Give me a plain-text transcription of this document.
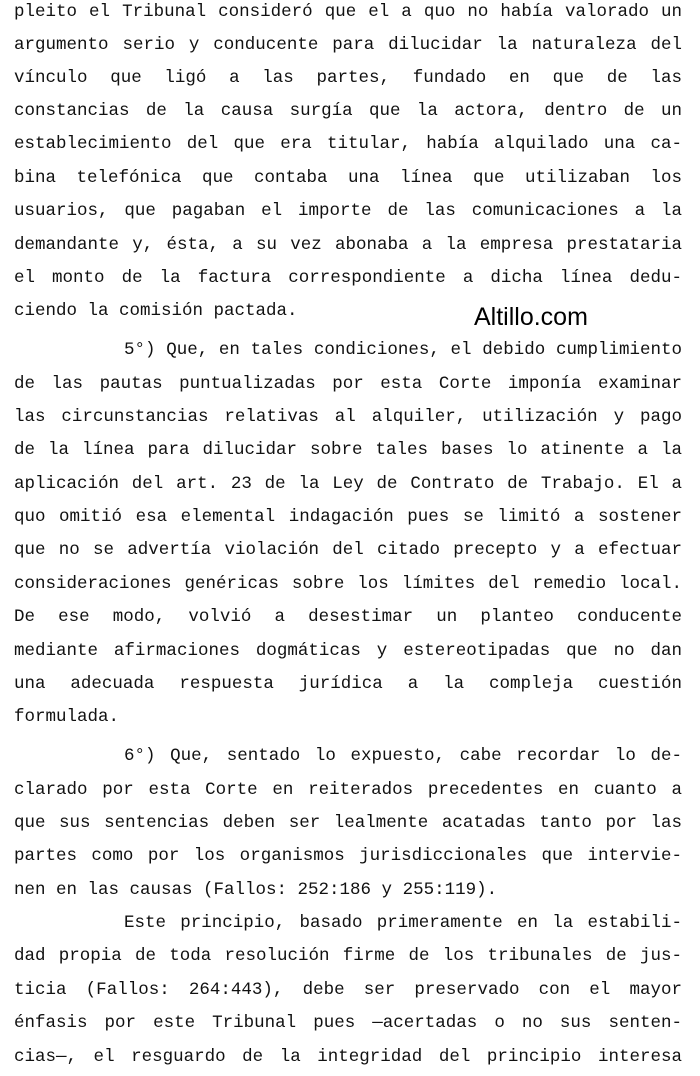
pleito el Tribunal consideró que el a quo no había valorado un
argumento serio y conducente para dilucidar la naturaleza del
vínculo que ligó a las partes, fundado en que de las
constancias de la causa surgía que la actora, dentro de un
establecimiento del que era titular, había alquilado una ca-
bina telefónica que contaba una línea que utilizaban los
usuarios, que pagaban el importe de las comunicaciones a la
demandante y, ésta, a su vez abonaba a la empresa prestataria
el monto de la factura correspondiente a dicha línea dedu-
ciendo la comisión pactada.	Altillo.com
5°) Que, en tales condiciones, el debido cumplimiento
de las pautas puntualizadas por esta Corte imponía examinar
las circunstancias relativas al alquiler, utilización y pago
de la línea para dilucidar sobre tales bases lo atinente a la
aplicación del art. 23 de la Ley de Contrato de Trabajo. El a
quo omitió esa elemental indagación pues se limitó a sostener
que no se advertía violación del citado precepto y a efectuar
consideraciones genéricas sobre los límites del remedio local.
De ese modo, volvió a desestimar un planteo conducente
mediante afirmaciones dogmáticas y estereotipadas que no dan
una adecuada respuesta jurídica a la compleja cuestión
formulada.
6°) Que, sentado lo expuesto, cabe recordar lo de-
clarado por esta Corte en reiterados precedentes en cuanto a
que sus sentencias deben ser lealmente acatadas tanto por las
partes como por los organismos jurisdiccionales que intervie-
nen en las causas (Fallos: 252:186 y 255:119).
Este principio, basado primeramente en la estabili-
dad propia de toda resolución firme de los tribunales de jus-
ticia (Fallos: 264:443), debe ser preservado con el mayor
énfasis por este Tribunal pues —acertadas o no sus senten-
cias—, el resguardo de la integridad del principio interesa
